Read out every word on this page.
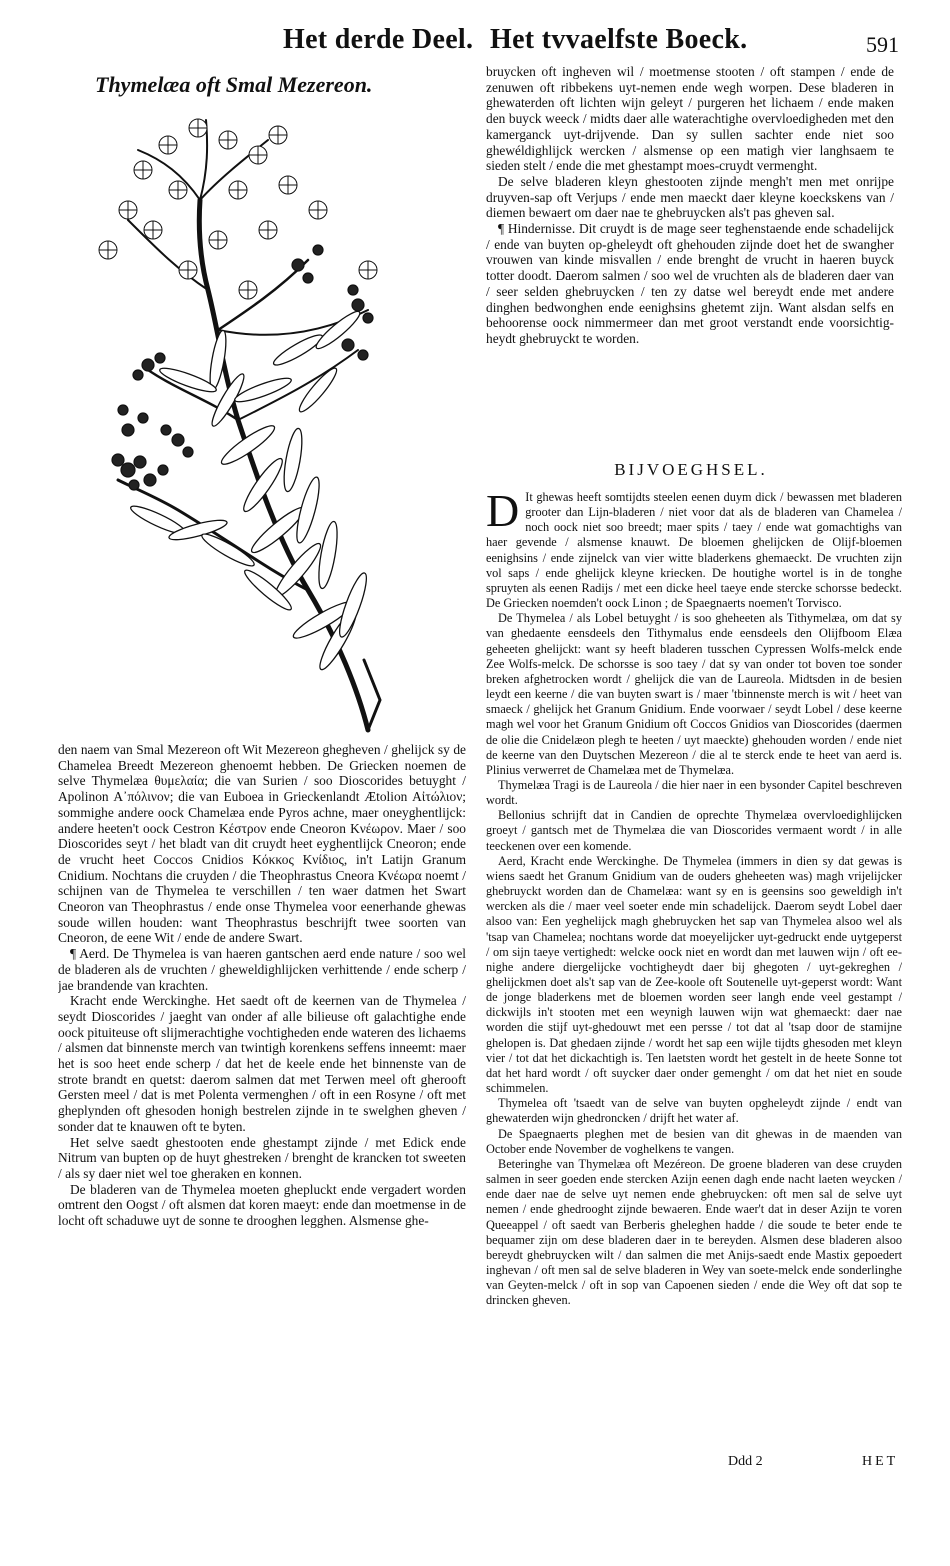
Het derde Deel. Het tvvaelfste Boeck.	591
Thymelæa oft Smal Mezereon.

den naem van Smal Mezereon oft Wit Mezereon ghegheven / ghelijck sy de Chamelea Breedt Mezereon ghenoemt hebben. De Griecken noemen de selve Thymelæa θυμελαία; die van Surien / soo Dioscorides betuyght / Apolinon Α᾽πόλινον; die van Euboea in Grieckenlandt Ætolion Αἰτώλιον; sommighe andere oock Chamelæa ende Pyros achne, maer oneyghentlijck: andere heeten't oock Cestron Κέστρον ende Cneoron Κνέωρον. Maer / soo Dioscorides seyt / het bladt van dit cruydt heet eyghentlijck Cneoron; ende de vrucht heet Coccos Cnidios Κόκκος Κνίδιος, in't Latijn Granum Cnidium. Nochtans die cruyden / die Theophrastus Cneora Κνέωρα noemt / schijnen van de Thymelea te verschillen / ten waer datmen het Swart Cneoron van Theophrastus / ende onse Thymelea voor eenerhande ghewas soude willen houden: want Theophrastus beschrijft twee soorten van Cneoron, de eene Wit / ende de andere Swart.

¶ Aerd. De Thymelea is van haeren gantschen aerd ende nature / soo wel de bladeren als de vruchten / gheweldighlijcken verhittende / ende scherp / jae brandende van krachten.

Kracht ende Werckinghe. Het saedt oft de keernen van de Thymelea / seydt Dioscorides / jaeght van onder af alle bilieuse oft galachtighe ende oock pituiteuse oft slijmerachtighe vochtigheden ende wateren des lichaems / alsmen dat binnenste merch van twintigh korenkens seffens inneemt: maer het is soo heet ende scherp / dat het de keele ende het binnenste van de strote brandt en quetst: daerom salmen dat met Terwen meel oft gherooft Gersten meel / dat is met Polenta vermenghen / oft in een Rosyne / oft met gheplynden oft ghesoden honigh bestrelen zijnde in te swelghen gheven / sonder dat te knauwen oft te byten.

Het selve saedt ghestooten ende ghestampt zijnde / met Edick ende Nitrum van bupten op de huyt ghestreken / brenght de krancken tot sweeten / als sy daer niet wel toe gheraken en konnen.

De bladeren van de Thymelea moeten ghepluckt ende vergadert worden omtrent den Oogst / oft alsmen dat koren maeyt: ende dan moetmense in de locht oft schaduwe uyt de sonne te drooghen legghen. Alsmense ghe-

bruycken oft ingheven wil / moetmense stooten / oft stampen / ende de zenuwen oft ribbekens uyt-nemen ende wegh worpen. Dese bladeren in ghewaterden oft lichten wijn geleyt / purgeren het lichaem / ende maken den buyck weeck / midts daer alle waterachtighe overvloedigheden met den kamerganck uyt-drijvende. Dan sy sullen sachter ende niet soo ghewéldighlijck wercken / alsmense op een matigh vier langhsaem te sieden stelt / ende die met ghestampt moes-cruydt vermenght.

De selve bladeren kleyn ghestooten zijnde mengh't men met onrijpe druyven-sap oft Verjups / ende men maeckt daer kleyne koeckskens van / diemen bewaert om daer nae te ghebruycken als't pas gheven sal.

¶ Hindernisse. Dit cruydt is de mage seer teghenstaende ende schadelijck / ende van buyten op-gheleydt oft ghehouden zijnde doet het de swangher vrouwen van kinde misvallen / ende brenght de vrucht in haeren buyck totter doodt. Daerom salmen / soo wel de vruchten als de bladeren daer van / seer selden ghebruycken / ten zy datse wel bereydt ende met andere dinghen bedwonghen ende eenighsins ghetemt zijn. Want alsdan selfs en behoorense oock nimmermeer dan met groot verstandt ende voorsichtigheydt ghebruyckt te worden.

BIJVOEGHSEL.

D It ghewas heeft somtijdts steelen eenen duym dick / bewassen met bladeren grooter dan Lijn-bladeren / niet voor dat als de bladeren van Chamelea / noch oock niet soo breedt; maer spits / taey / ende wat gomachtighs van haer gevende / alsmense knauwt. De bloemen ghelijcken de Olijf-bloemen eenighsins / ende zijnelck van vier witte bladerkens ghemaeckt. De vruchten zijn vol saps / ende ghelijck kleyne kriecken. De houtighe wortel is in de tonghe spruyten als eenen Radijs / met een dicke heel taeye ende stercke schorsse bedeckt. De Griecken noemden't oock Linon ; de Spaegnaerts noemen't Torvisco.

De Thymelea / als Lobel betuyght / is soo gheheeten als Tithymelæa, om dat sy van ghedaente eensdeels den Tithymalus ende eensdeels den Olijfboom Elæa geheeten ghelijckt: want sy heeft bladeren tusschen Cypressen Wolfs-melck ende Zee Wolfs-melck. De schorsse is soo taey / dat sy van onder tot boven toe sonder breken afghetrocken wordt / ghelijck die van de Laureola. Midtsden in de besien leydt een keerne / die van buyten swart is / maer 'tbinnenste merch is wit / heet van smaeck / ghelijck het Granum Gnidium. Ende voorwaer / seydt Lobel / dese keerne magh wel voor het Granum Gnidium oft Coccos Gnidios van Dioscorides (daermen de olie die Cnidelæon plegh te heeten / uyt maeckte) ghehouden worden / ende niet de keerne van den Duytschen Mezereon / die al te sterck ende te heet van aerd is. Plinius verwerret de Chamelæa met de Thymelæa.

Thymelæa Tragi is de Laureola / die hier naer in een bysonder Capitel beschreven wordt.

Bellonius schrijft dat in Candien de oprechte Thymelæa overvloedighlijcken groeyt / gantsch met de Thymelæa die van Dioscorides vermaent wordt / in alle teeckenen over een komende.

Aerd, Kracht ende Werckinghe. De Thymelea (immers in dien sy dat gewas is wiens saedt het Granum Gnidium van de ouders gheheeten was) magh vrijelijcker ghebruyckt worden dan de Chamelæa: want sy en is geensins soo geweldigh in't wercken als die / maer veel soeter ende min schadelijck. Daerom seydt Lobel daer alsoo van: Een yeghelijck magh ghebruycken het sap van Thymelea alsoo wel als 'tsap van Chamelea; nochtans worde dat moeyelijcker uyt-gedruckt ende uytgeperst / om sijn taeye vertighedt: welcke oock niet en wordt dan met lauwen wijn / oft eenighe andere diergelijcke vochtigheydt daer bij ghegoten / uyt-gekreghen / ghelijckmen doet als't sap van de Zee-koole oft Soutenelle uyt-geperst wordt: Want de jonge bladerkens met de bloemen worden seer langh ende veel gestampt / dickwijls in't stooten met een weynigh lauwen wijn wat ghemaeckt: daer nae worden die stijf uyt-ghedouwt met een persse / tot dat al 'tsap door de stamijne ghelopen is. Dat ghedaen zijnde / wordt het sap een wijle tijdts ghesoden met kleyn vier / tot dat het dickachtigh is. Ten laetsten wordt het gestelt in de heete Sonne tot dat het hard wordt / oft suycker daer onder gemenght / om dat het niet en soude schimmelen.

Thymelea oft 'tsaedt van de selve van buyten opgheleydt zijnde / endt van ghewaterden wijn ghedroncken / drijft het water af.

De Spaegnaerts pleghen met de besien van dit ghewas in de maenden van October ende November de voghelkens te vangen.

Beteringhe van Thymelæa oft Mezéreon. De groene bladeren van dese cruyden salmen in seer goeden ende stercken Azijn eenen dagh ende nacht laeten weycken / ende daer nae de selve uyt nemen ende ghebruycken: oft men sal de selve uyt nemen / ende ghedrooght zijnde bewaeren. Ende waer't dat in deser Azijn te voren Queeappel / oft saedt van Berberis gheleghen hadde / die soude te beter ende te bequamer zijn om dese bladeren daer in te bereyden. Alsmen dese bladeren alsoo bereydt ghebruycken wilt / dan salmen die met Anijs-saedt ende Mastix gepoedert inghevan / oft men sal de selve bladeren in Wey van soete-melck ende sonderlinghe van Geyten-melck / oft in sop van Capoenen sieden / ende die Wey oft dat sop te drincken gheven.

Ddd 2	HET
